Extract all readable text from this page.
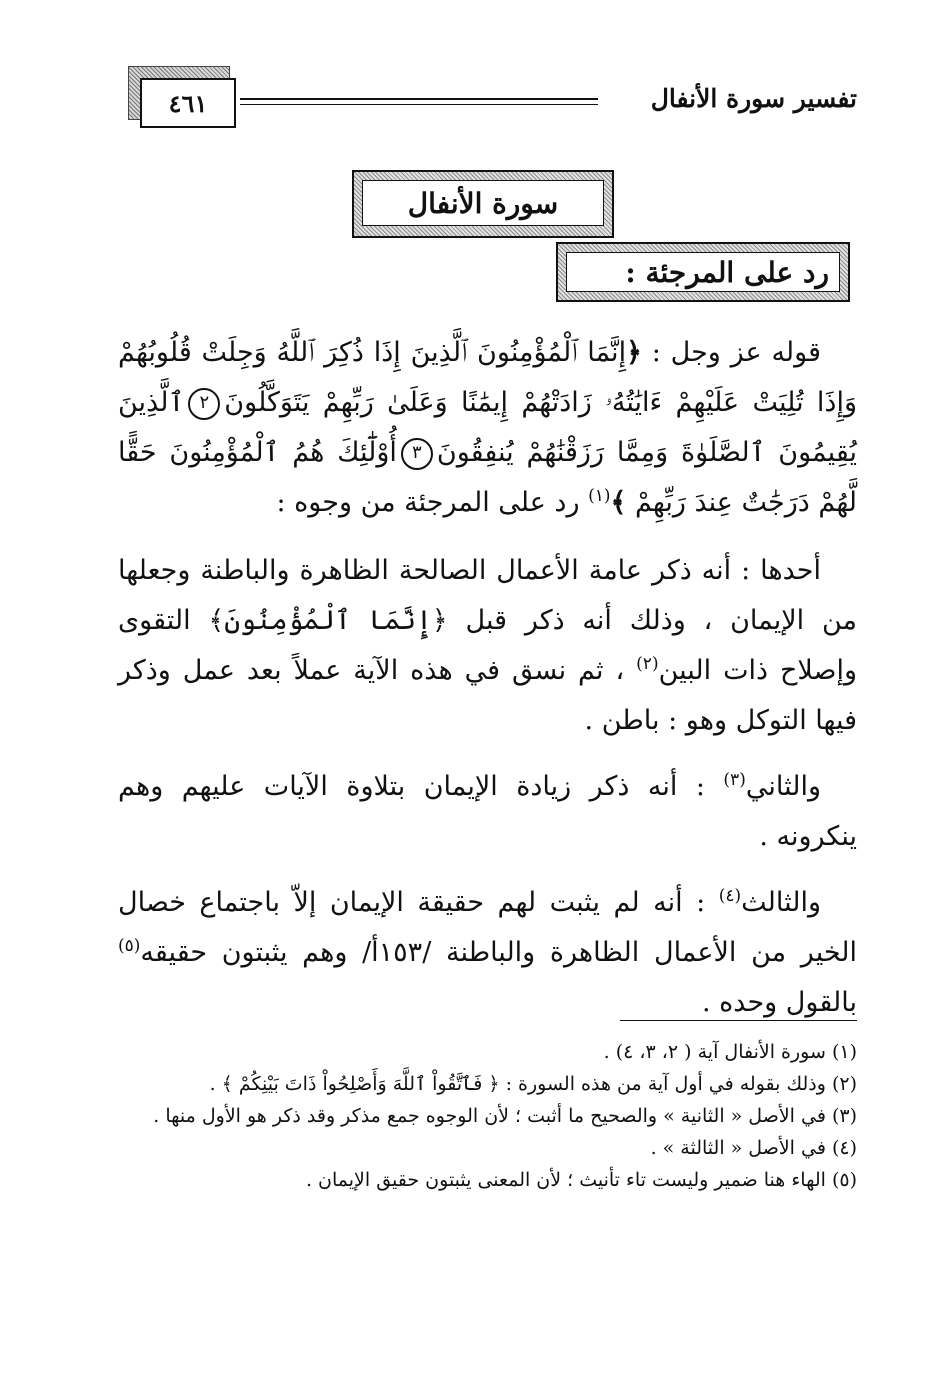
تفسير سورة الأنفال
٤٦١
سورة الأنفال
رد على المرجئة :
قوله عز وجل : ﴿إِنَّمَا ٱلْمُؤْمِنُونَ ٱلَّذِينَ إِذَا ذُكِرَ ٱللَّهُ وَجِلَتْ قُلُوبُهُمْ وَإِذَا تُلِيَتْ عَلَيْهِمْ ءَايَٰتُهُۥ زَادَتْهُمْ إِيمَٰنًا وَعَلَىٰ رَبِّهِمْ يَتَوَكَّلُونَ٢ٱلَّذِينَ يُقِيمُونَ ٱلصَّلَوٰةَ وَمِمَّا رَزَقْنَٰهُمْ يُنفِقُونَ٣أُوْلَٰٓئِكَ هُمُ ٱلْمُؤْمِنُونَ حَقًّا لَّهُمْ دَرَجَٰتٌ عِندَ رَبِّهِمْ ﴾$^{(١)}$ رد على المرجئة من وجوه :
أحدها : أنه ذكر عامة الأعمال الصالحة الظاهرة والباطنة وجعلها من الإيمان ، وذلك أنه ذكر قبل ﴿إِنَّمَا ٱلْمُؤْمِنُونَ﴾ التقوى وإصلاح ذات البين$^{(٢)}$ ، ثم نسق في هذه الآية عملاً بعد عمل وذكر فيها التوكل وهو : باطن .
والثاني$^{(٣)}$ : أنه ذكر زيادة الإيمان بتلاوة الآيات عليهم وهم ينكرونه .
والثالث$^{(٤)}$ : أنه لم يثبت لهم حقيقة الإيمان إلاّ باجتماع خصال الخير من الأعمال الظاهرة والباطنة /١٥٣أ/ وهم يثبتون حقيقه$^{(٥)}$ بالقول وحده .
(١) سورة الأنفال آية ( ٢، ٣، ٤) .
(٢) وذلك بقوله في أول آية من هذه السورة : ﴿ فَٱتَّقُواْ ٱللَّهَ وَأَصْلِحُواْ ذَاتَ بَيْنِكُمْ ﴾ .
(٣) في الأصل « الثانية » والصحيح ما أثبت ؛ لأن الوجوه جمع مذكر وقد ذكر هو الأول منها .
(٤) في الأصل « الثالثة » .
(٥) الهاء هنا ضمير وليست تاء تأنيث ؛ لأن المعنى يثبتون حقيق الإيمان .
